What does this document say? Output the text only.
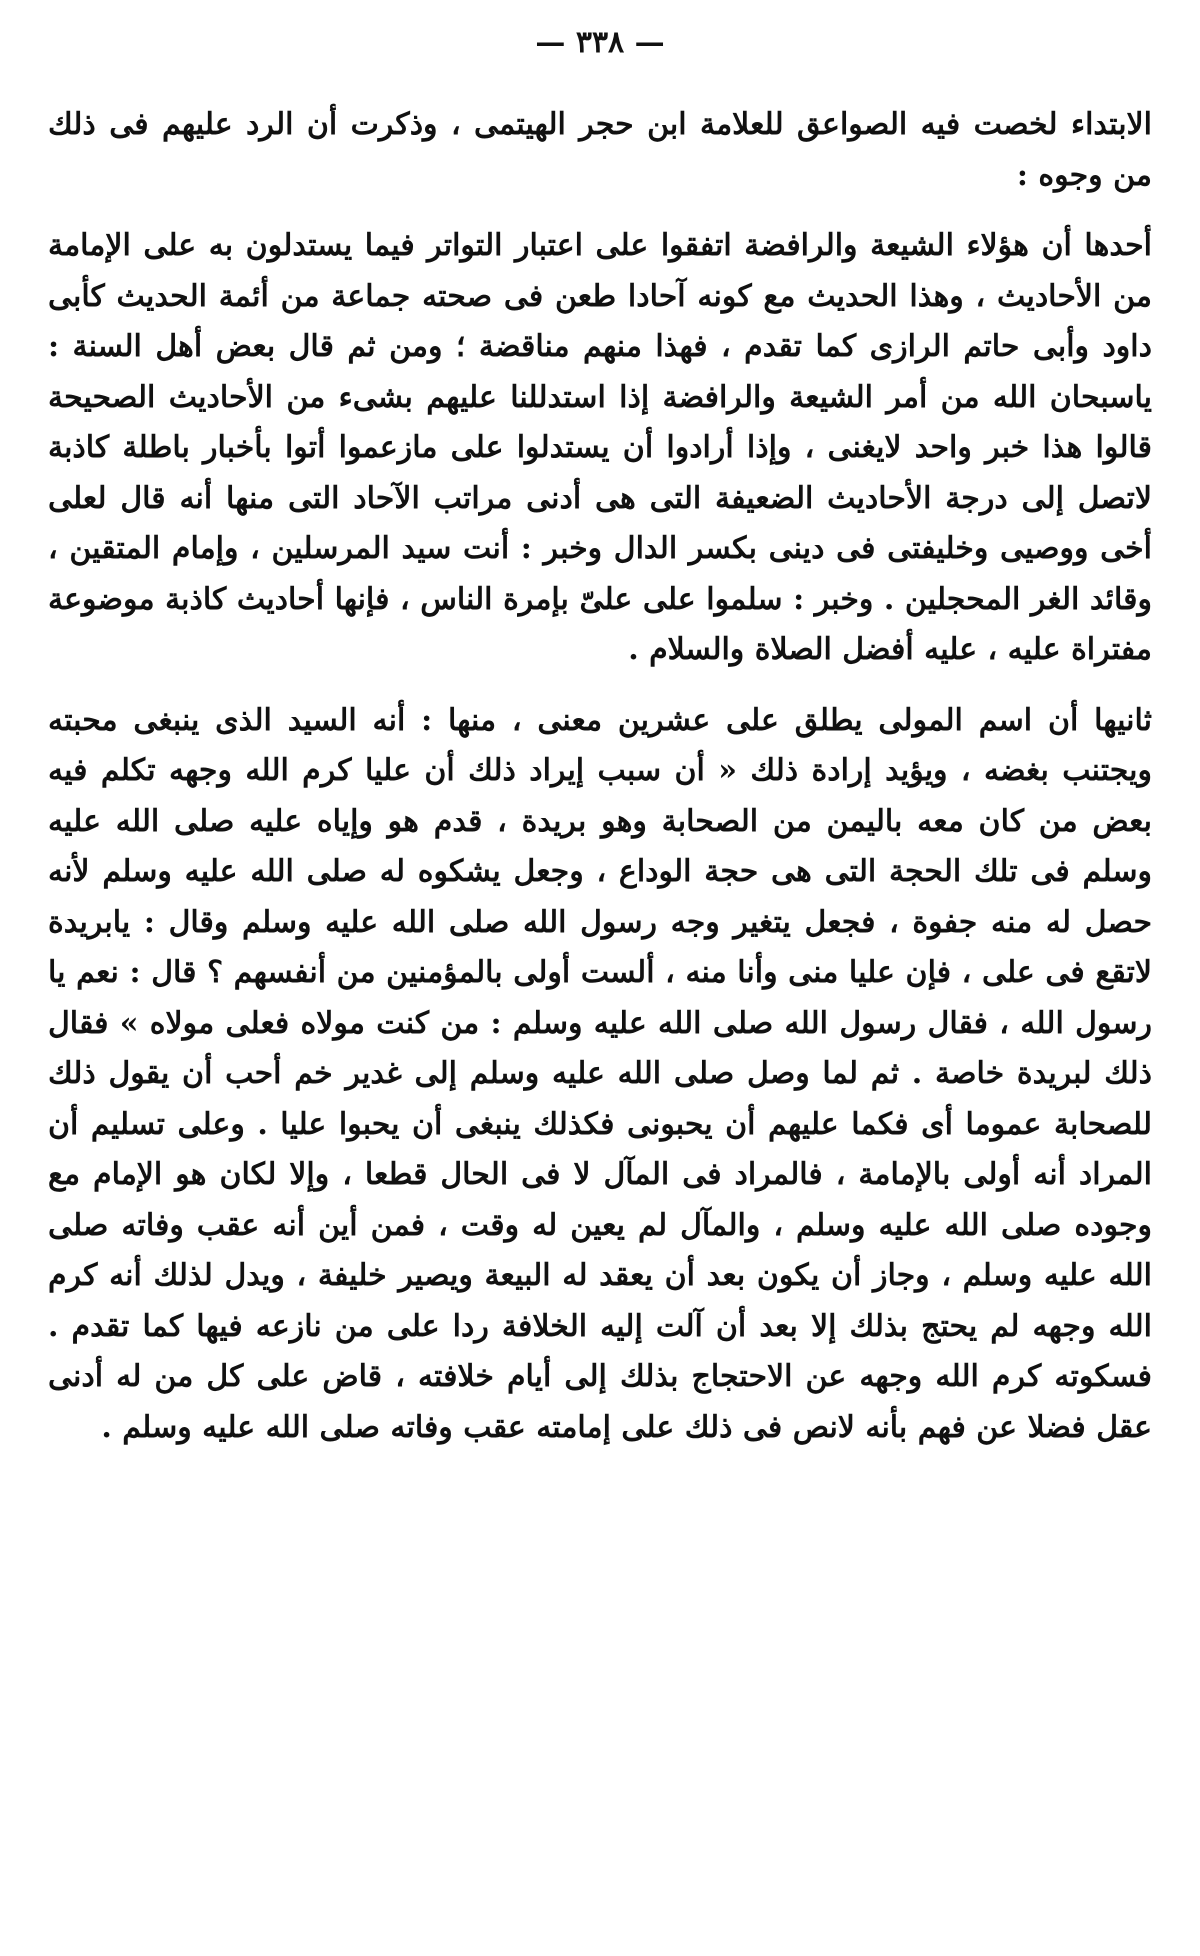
— ٣٣٨ —

الابتداء لخصت فيه الصواعق للعلامة ابن حجر الهيتمى ، وذكرت أن الرد عليهم فى ذلك من وجوه :

أحدها أن هؤلاء الشيعة والرافضة اتفقوا على اعتبار التواتر فيما يستدلون به على الإمامة من الأحاديث ، وهذا الحديث مع كونه آحادا طعن فى صحته جماعة من أئمة الحديث كأبى داود وأبى حاتم الرازى كما تقدم ، فهذا منهم مناقضة ؛ ومن ثم قال بعض أهل السنة : ياسبحان الله من أمر الشيعة والرافضة إذا استدللنا عليهم بشىء من الأحاديث الصحيحة قالوا هذا خبر واحد لايغنى ، وإذا أرادوا أن يستدلوا على مازعموا أتوا بأخبار باطلة كاذبة لاتصل إلى درجة الأحاديث الضعيفة التى هى أدنى مراتب الآحاد التى منها أنه قال لعلى أخى ووصيى وخليفتى فى دينى بكسر الدال وخبر : أنت سيد المرسلين ، وإمام المتقين ، وقائد الغر المحجلين . وخبر : سلموا على علىّ بإمرة الناس ، فإنها أحاديث كاذبة موضوعة مفتراة عليه ، عليه أفضل الصلاة والسلام .

ثانيها أن اسم المولى يطلق على عشرين معنى ، منها : أنه السيد الذى ينبغى محبته ويجتنب بغضه ، ويؤيد إرادة ذلك « أن سبب إيراد ذلك أن عليا كرم الله وجهه تكلم فيه بعض من كان معه باليمن من الصحابة وهو بريدة ، قدم هو وإياه عليه صلى الله عليه وسلم فى تلك الحجة التى هى حجة الوداع ، وجعل يشكوه له صلى الله عليه وسلم لأنه حصل له منه جفوة ، فجعل يتغير وجه رسول الله صلى الله عليه وسلم وقال : يابريدة لاتقع فى على ، فإن عليا منى وأنا منه ، ألست أولى بالمؤمنين من أنفسهم ؟ قال : نعم يا رسول الله ، فقال رسول الله صلى الله عليه وسلم : من كنت مولاه فعلى مولاه » فقال ذلك لبريدة خاصة . ثم لما وصل صلى الله عليه وسلم إلى غدير خم أحب أن يقول ذلك للصحابة عموما أى فكما عليهم أن يحبونى فكذلك ينبغى أن يحبوا عليا . وعلى تسليم أن المراد أنه أولى بالإمامة ، فالمراد فى المآل لا فى الحال قطعا ، وإلا لكان هو الإمام مع وجوده صلى الله عليه وسلم ، والمآل لم يعين له وقت ، فمن أين أنه عقب وفاته صلى الله عليه وسلم ، وجاز أن يكون بعد أن يعقد له البيعة ويصير خليفة ، ويدل لذلك أنه كرم الله وجهه لم يحتج بذلك إلا بعد أن آلت إليه الخلافة ردا على من نازعه فيها كما تقدم . فسكوته كرم الله وجهه عن الاحتجاج بذلك إلى أيام خلافته ، قاض على كل من له أدنى عقل فضلا عن فهم بأنه لانص فى ذلك على إمامته عقب وفاته صلى الله عليه وسلم .
